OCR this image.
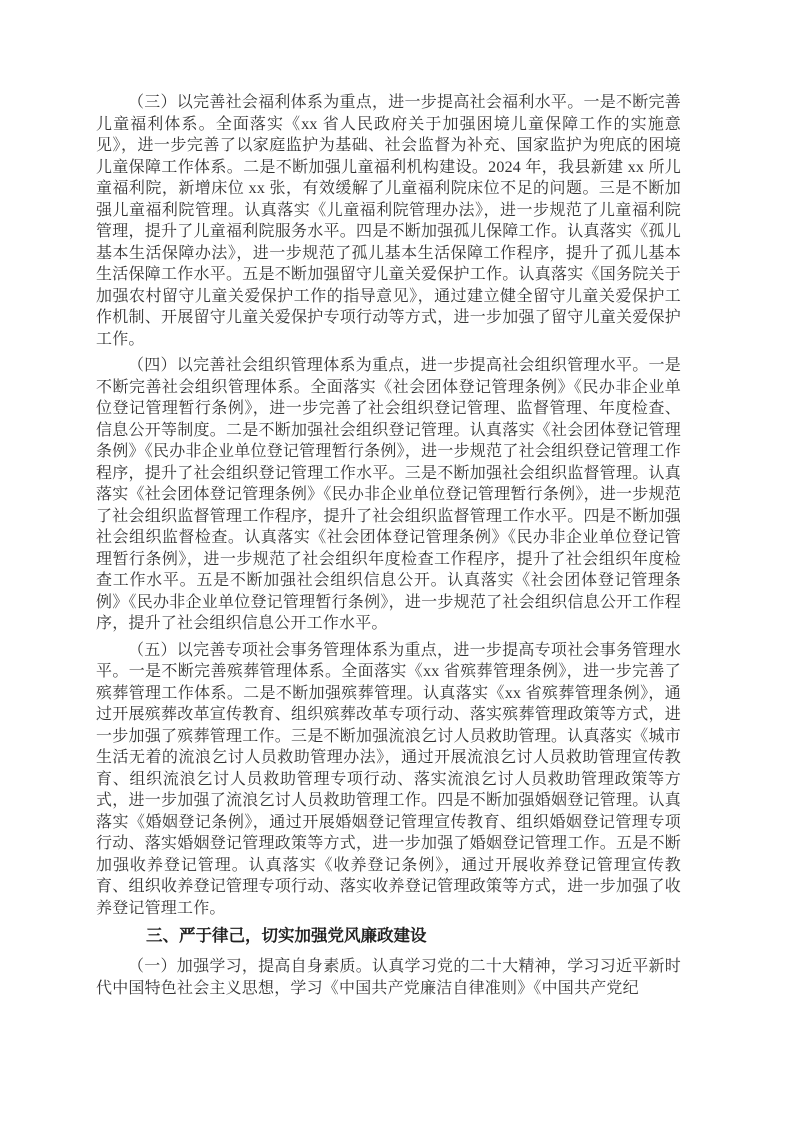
（三）以完善社会福利体系为重点，进一步提高社会福利水平。一是不断完善儿童福利体系。全面落实《xx 省人民政府关于加强困境儿童保障工作的实施意见》，进一步完善了以家庭监护为基础、社会监督为补充、国家监护为兜底的困境儿童保障工作体系。二是不断加强儿童福利机构建设。2024 年，我县新建 xx 所儿童福利院，新增床位 xx 张，有效缓解了儿童福利院床位不足的问题。三是不断加强儿童福利院管理。认真落实《儿童福利院管理办法》，进一步规范了儿童福利院管理，提升了儿童福利院服务水平。四是不断加强孤儿保障工作。认真落实《孤儿基本生活保障办法》，进一步规范了孤儿基本生活保障工作程序，提升了孤儿基本生活保障工作水平。五是不断加强留守儿童关爱保护工作。认真落实《国务院关于加强农村留守儿童关爱保护工作的指导意见》，通过建立健全留守儿童关爱保护工作机制、开展留守儿童关爱保护专项行动等方式，进一步加强了留守儿童关爱保护工作。

（四）以完善社会组织管理体系为重点，进一步提高社会组织管理水平。一是不断完善社会组织管理体系。全面落实《社会团体登记管理条例》《民办非企业单位登记管理暂行条例》，进一步完善了社会组织登记管理、监督管理、年度检查、信息公开等制度。二是不断加强社会组织登记管理。认真落实《社会团体登记管理条例》《民办非企业单位登记管理暂行条例》，进一步规范了社会组织登记管理工作程序，提升了社会组织登记管理工作水平。三是不断加强社会组织监督管理。认真落实《社会团体登记管理条例》《民办非企业单位登记管理暂行条例》，进一步规范了社会组织监督管理工作程序，提升了社会组织监督管理工作水平。四是不断加强社会组织监督检查。认真落实《社会团体登记管理条例》《民办非企业单位登记管理暂行条例》，进一步规范了社会组织年度检查工作程序，提升了社会组织年度检查工作水平。五是不断加强社会组织信息公开。认真落实《社会团体登记管理条例》《民办非企业单位登记管理暂行条例》，进一步规范了社会组织信息公开工作程序，提升了社会组织信息公开工作水平。

（五）以完善专项社会事务管理体系为重点，进一步提高专项社会事务管理水平。一是不断完善殡葬管理体系。全面落实《xx 省殡葬管理条例》，进一步完善了殡葬管理工作体系。二是不断加强殡葬管理。认真落实《xx 省殡葬管理条例》，通过开展殡葬改革宣传教育、组织殡葬改革专项行动、落实殡葬管理政策等方式，进一步加强了殡葬管理工作。三是不断加强流浪乞讨人员救助管理。认真落实《城市生活无着的流浪乞讨人员救助管理办法》，通过开展流浪乞讨人员救助管理宣传教育、组织流浪乞讨人员救助管理专项行动、落实流浪乞讨人员救助管理政策等方式，进一步加强了流浪乞讨人员救助管理工作。四是不断加强婚姻登记管理。认真落实《婚姻登记条例》，通过开展婚姻登记管理宣传教育、组织婚姻登记管理专项行动、落实婚姻登记管理政策等方式，进一步加强了婚姻登记管理工作。五是不断加强收养登记管理。认真落实《收养登记条例》，通过开展收养登记管理宣传教育、组织收养登记管理专项行动、落实收养登记管理政策等方式，进一步加强了收养登记管理工作。

三、严于律己，切实加强党风廉政建设

（一）加强学习，提高自身素质。认真学习党的二十大精神，学习习近平新时代中国特色社会主义思想，学习《中国共产党廉洁自律准则》《中国共产党纪
